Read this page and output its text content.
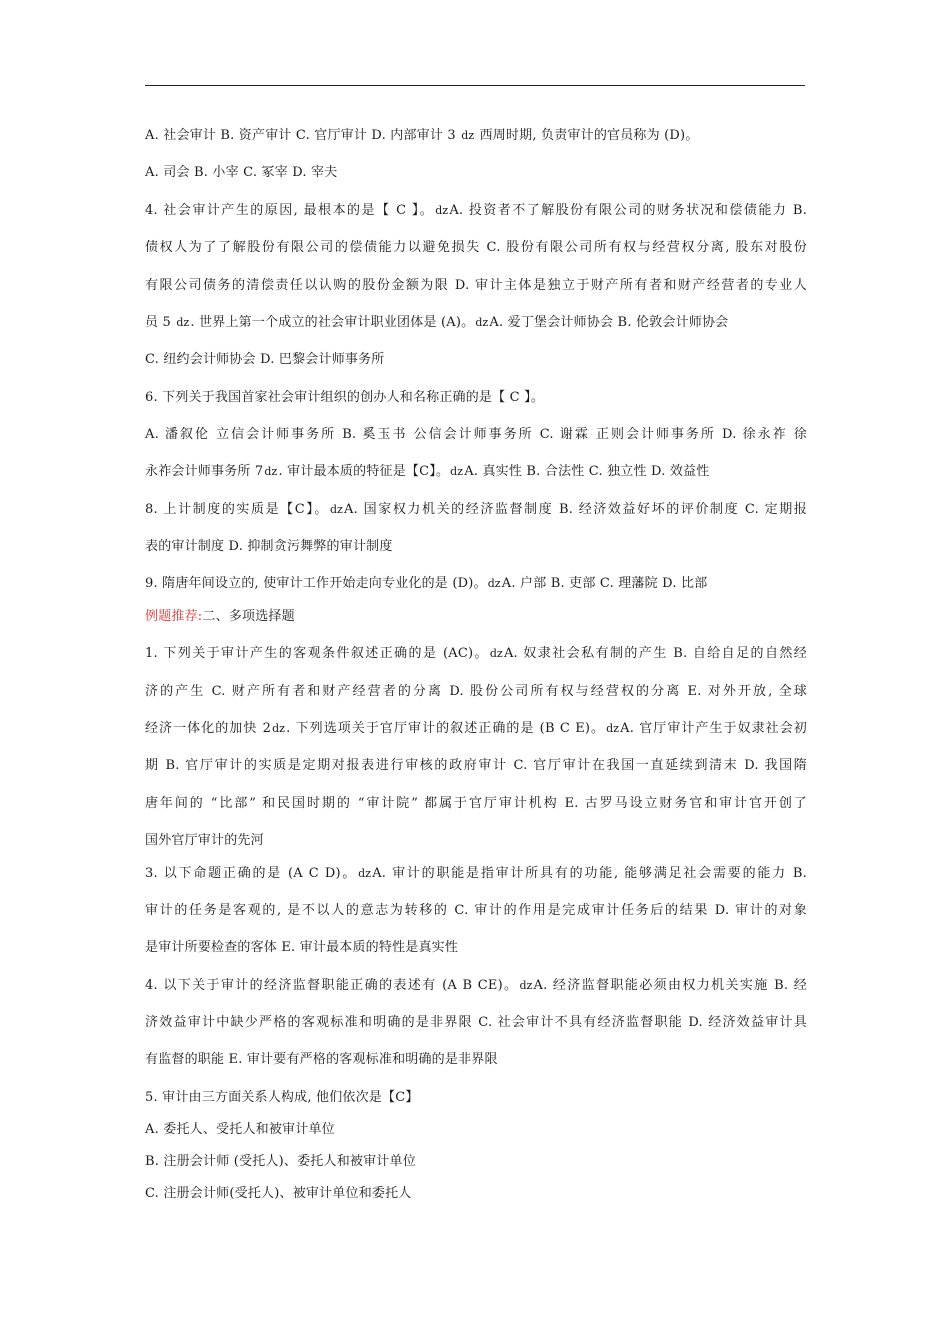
A. 社会审计 B. 资产审计 C. 官厅审计 D. 内部审计 3 ǳ 西周时期, 负责审计的官员称为 (D)。
A. 司会 B. 小宰 C. 冢宰 D. 宰夫
4. 社会审计产生的原因, 最根本的是【 C 】。ǳA. 投资者不了解股份有限公司的财务状况和偿债能力 B.
债权人为了了解股份有限公司的偿债能力以避免损失 C. 股份有限公司所有权与经营权分离, 股东对股份
有限公司债务的清偿责任以认购的股份金额为限 D. 审计主体是独立于财产所有者和财产经营者的专业人
员 5 ǳ. 世界上第一个成立的社会审计职业团体是 (A)。ǳA. 爱丁堡会计师协会 B. 伦敦会计师协会
C. 纽约会计师协会 D. 巴黎会计师事务所
6. 下列关于我国首家社会审计组织的创办人和名称正确的是【 C 】。
A. 潘叙伦 立信会计师事务所 B. 奚玉书 公信会计师事务所 C. 谢霖 正则会计师事务所 D. 徐永祚 徐
永祚会计师事务所 7ǳ. 审计最本质的特征是【C】。ǳA. 真实性 B. 合法性 C. 独立性 D. 效益性
8. 上计制度的实质是【C】。ǳA. 国家权力机关的经济监督制度 B. 经济效益好坏的评价制度 C. 定期报
表的审计制度 D. 抑制贪污舞弊的审计制度
9. 隋唐年间设立的, 使审计工作开始走向专业化的是 (D)。ǳA. 户部 B. 吏部 C. 理藩院 D. 比部
例题推荐:二、多项选择题
1. 下列关于审计产生的客观条件叙述正确的是 (AC)。ǳA. 奴隶社会私有制的产生 B. 自给自足的自然经
济的产生 C. 财产所有者和财产经营者的分离 D. 股份公司所有权与经营权的分离 E. 对外开放, 全球
经济一体化的加快 2ǳ. 下列选项关于官厅审计的叙述正确的是 (B C E)。ǳA. 官厅审计产生于奴隶社会初
期 B. 官厅审计的实质是定期对报表进行审核的政府审计 C. 官厅审计在我国一直延续到清末 D. 我国隋
唐年间的 “比部” 和民国时期的 “审计院” 都属于官厅审计机构 E. 古罗马设立财务官和审计官开创了
国外官厅审计的先河
3. 以下命题正确的是 (A C D)。ǳA. 审计的职能是指审计所具有的功能, 能够满足社会需要的能力 B.
审计的任务是客观的, 是不以人的意志为转移的 C. 审计的作用是完成审计任务后的结果 D. 审计的对象
是审计所要检查的客体 E. 审计最本质的特性是真实性
4. 以下关于审计的经济监督职能正确的表述有 (A B CE)。ǳA. 经济监督职能必须由权力机关实施 B. 经
济效益审计中缺少严格的客观标准和明确的是非界限 C. 社会审计不具有经济监督职能 D. 经济效益审计具
有监督的职能 E. 审计要有严格的客观标准和明确的是非界限
5. 审计由三方面关系人构成, 他们依次是【C】
A. 委托人、受托人和被审计单位
B. 注册会计师 (受托人)、委托人和被审计单位
C. 注册会计师(受托人)、被审计单位和委托人
